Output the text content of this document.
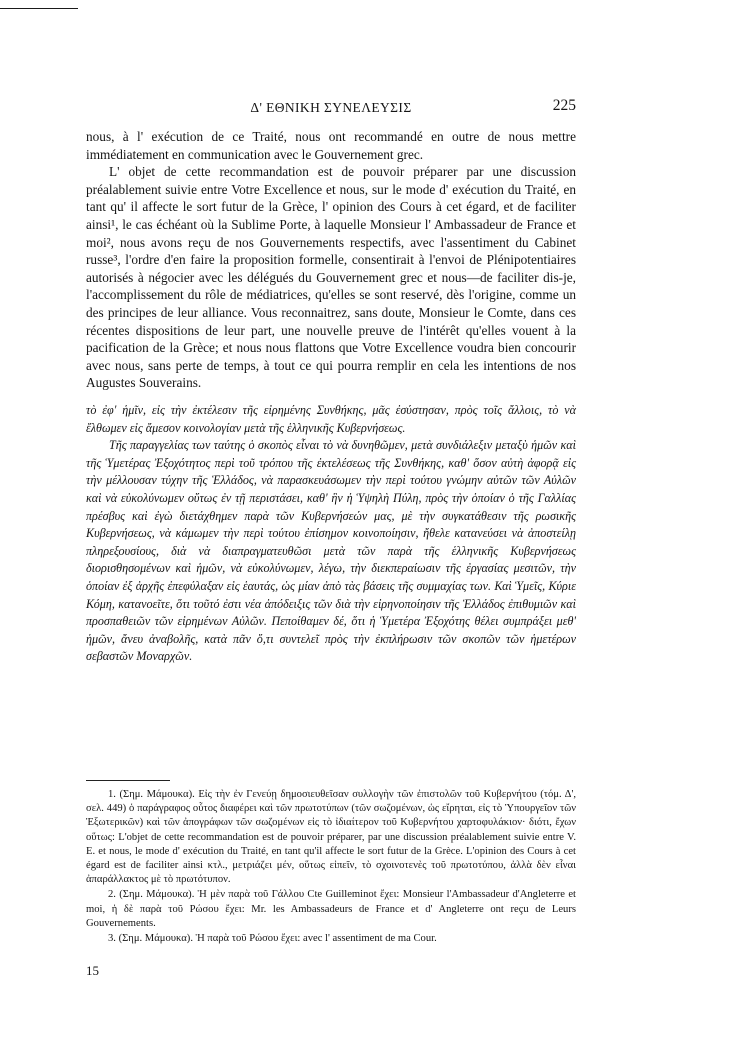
Δ' ΕΘΝΙΚΗ ΣΥΝΕΛΕΥΣΙΣ	225

nous, à l' exécution de ce Traité, nous ont recommandé en outre de nous mettre immédiatement en communication avec le Gouvernement grec.

L' objet de cette recommandation est de pouvoir préparer par une discussion préalablement suivie entre Votre Excellence et nous, sur le mode d' exécution du Traité, en tant qu' il affecte le sort futur de la Grèce, l' opinion des Cours à cet égard, et de faciliter ainsi¹, le cas échéant où la Sublime Porte, à laquelle Monsieur l' Ambassadeur de France et moi², nous avons reçu de nos Gouvernements respectifs, avec l'assentiment du Cabinet russe³, l'ordre d'en faire la proposition formelle, consentirait à l'envoi de Plénipotentiaires autorisés à négocier avec les délégués du Gouvernement grec et nous—de faciliter dis-je, l'accomplissement du rôle de médiatrices, qu'elles se sont reservé, dès l'origine, comme un des principes de leur alliance. Vous reconnaitrez, sans doute, Monsieur le Comte, dans ces récentes dispositions de leur part, une nouvelle preuve de l'intérêt qu'elles vouent à la pacification de la Grèce; et nous nous flattons que Votre Excellence voudra bien concourir avec nous, sans perte de temps, à tout ce qui pourra remplir en cela les intentions de nos Augustes Souverains.

τὸ ἐφ' ἡμῖν, εἰς τὴν ἐκτέλεσιν τῆς εἰρημένης Συνθήκης, μᾶς ἐσύστησαν, πρὸς τοῖς ἄλλοις, τὸ νὰ ἔλθωμεν εἰς ἄμεσον κοινολογίαν μετὰ τῆς ἑλληνικῆς Κυβερνήσεως.

Τῆς παραγγελίας των ταύτης ὁ σκοπὸς εἶναι τὸ νὰ δυνηθῶμεν, μετὰ συνδιάλεξιν μεταξὺ ἡμῶν καὶ τῆς Ὑμετέρας Ἐξοχότητος περὶ τοῦ τρόπου τῆς ἐκτελέσεως τῆς Συνθήκης, καθ' ὅσον αὐτὴ ἀφορᾷ εἰς τὴν μέλλουσαν τύχην τῆς Ἑλλάδος, νὰ παρασκευάσωμεν τὴν περὶ τούτου γνώμην αὐτῶν τῶν Αὐλῶν καὶ νὰ εὐκολύνωμεν οὕτως ἐν τῇ περιστάσει, καθ' ἣν ἡ Ὑψηλὴ Πύλη, πρὸς τὴν ὁποίαν ὁ τῆς Γαλλίας πρέσβυς καὶ ἐγὼ διετάχθημεν παρὰ τῶν Κυβερνήσεών μας, μὲ τὴν συγκατάθεσιν τῆς ρωσικῆς Κυβερνήσεως, νὰ κάμωμεν τὴν περὶ τούτου ἐπίσημον κοινοποίησιν, ἤθελε κατανεύσει νὰ ἀποστείλῃ πληρεξουσίους, διὰ νὰ διαπραγματευθῶσι μετὰ τῶν παρὰ τῆς ἑλληνικῆς Κυβερνήσεως διορισθησομένων καὶ ἡμῶν, νὰ εὐκολύνωμεν, λέγω, τὴν διεκπεραίωσιν τῆς ἐργασίας μεσιτῶν, τὴν ὁποίαν ἐξ ἀρχῆς ἐπεφύλαξαν εἰς ἑαυτάς, ὡς μίαν ἀπὸ τὰς βάσεις τῆς συμμαχίας των. Καὶ Ὑμεῖς, Κύριε Κόμη, κατανοεῖτε, ὅτι τοῦτό ἐστι νέα ἀπόδειξις τῶν διὰ τὴν εἰρηνοποίησιν τῆς Ἑλλάδος ἐπιθυμιῶν καὶ προσπαθειῶν τῶν εἰρημένων Αὐλῶν. Πεποίθαμεν δέ, ὅτι ἡ Ὑμετέρα Ἐξοχότης θέλει συμπράξει μεθ' ἡμῶν, ἄνευ ἀναβολῆς, κατὰ πᾶν ὅ,τι συντελεῖ πρὸς τὴν ἐκπλήρωσιν τῶν σκοπῶν τῶν ἡμετέρων σεβαστῶν Μοναρχῶν.

1. (Σημ. Μάμουκα). Εἰς τὴν ἐν Γενεύῃ δημοσιευθεῖσαν συλλογὴν τῶν ἐπιστολῶν τοῦ Κυβερνήτου (τόμ. Δ', σελ. 449) ὁ παράγραφος οὗτος διαφέρει καὶ τῶν πρωτοτύπων (τῶν σωζομένων, ὡς εἴρηται, εἰς τὸ Ὑπουργεῖον τῶν Ἐξωτερικῶν) καὶ τῶν ἀπογράφων τῶν σωζομένων εἰς τὸ ἰδιαίτερον τοῦ Κυβερνήτου χαρτοφυλάκιον· διότι, ἔχων οὕτως: L'objet de cette recommandation est de pouvoir préparer, par une discussion préalablement suivie entre V. E. et nous, le mode d' exécution du Traité, en tant qu'il affecte le sort futur de la Grèce. L'opinion des Cours à cet égard est de faciliter ainsi κτλ., μετριάζει μέν, οὕτως εἰπεῖν, τὸ σχοινοτενὲς τοῦ πρωτοτύπου, ἀλλὰ δὲν εἶναι ἀπαράλλακτος μὲ τὸ πρωτότυπον.

2. (Σημ. Μάμουκα). Ἡ μὲν παρὰ τοῦ Γάλλου Cte Guilleminot ἔχει: Monsieur l'Ambassadeur d'Angleterre et moi, ἡ δὲ παρὰ τοῦ Ρώσου ἔχει: Mr. les Ambassadeurs de France et d' Angleterre ont reçu de Leurs Gouvernements.

3. (Σημ. Μάμουκα). Ἡ παρὰ τοῦ Ρώσου ἔχει: avec l' assentiment de ma Cour.

15
